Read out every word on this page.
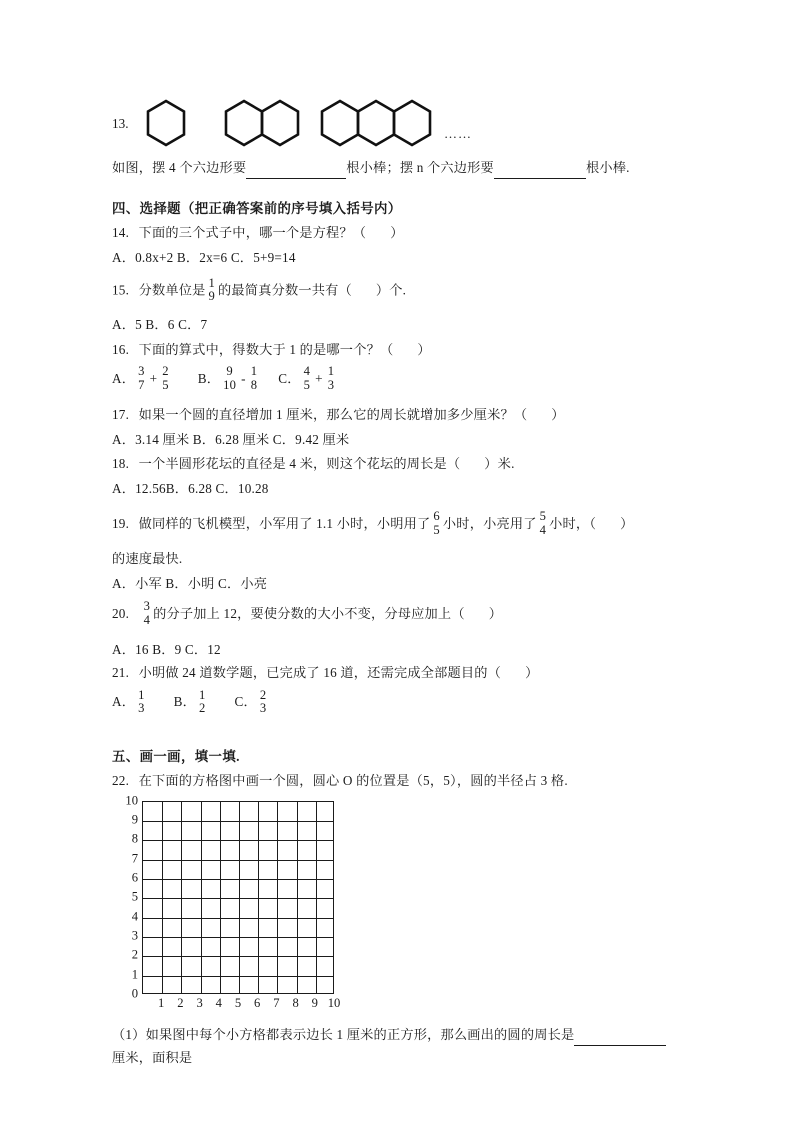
13.
……
如图，摆 4 个六边形要	根小棒；摆 n 个六边形要	根小棒.
四、选择题（把正确答案前的序号填入括号内）
14. 下面的三个式子中，哪一个是方程？（ ）
A．0.8x+2 B．2x=6 C．5+9=14
15. 分数单位是 1
9 的最简真分数一共有（ ）个.
A．5 B．6 C．7
16. 下面的算式中，得数大于 1 的是哪一个？（ ）
A． 3
7 + 2
5 B． 9
10 - 1
8 C． 4
5 + 1
3
17. 如果一个圆的直径增加 1 厘米，那么它的周长就增加多少厘米？（ ）
A．3.14 厘米 B．6.28 厘米 C．9.42 厘米
18. 一个半圆形花坛的直径是 4 米，则这个花坛的周长是（ ）米.
A．12.56B．6.28 C．10.28
19. 做同样的飞机模型，小军用了 1.1 小时，小明用了 6
5 小时，小亮用了 5
4 小时，（ ）
的速度最快.
A．小军 B．小明 C．小亮
20. 3
4 的分子加上 12，要使分数的大小不变，分母应加上（ ）
A．16 B．9 C．12
21. 小明做 24 道数学题，已完成了 16 道，还需完成全部题目的（ ）
A． 1
3 B． 1
2 C． 2
3
五、画一画，填一填.
22. 在下面的方格图中画一个圆，圆心 O 的位置是（5，5），圆的半径占 3 格.
10
9
8
7
6
5
4
3
2
1
0
1 2 3 4 5 6 7 8 9 10
（1）如果图中每个小方格都表示边长 1 厘米的正方形，那么画出的圆的周长是
厘米，面积是
